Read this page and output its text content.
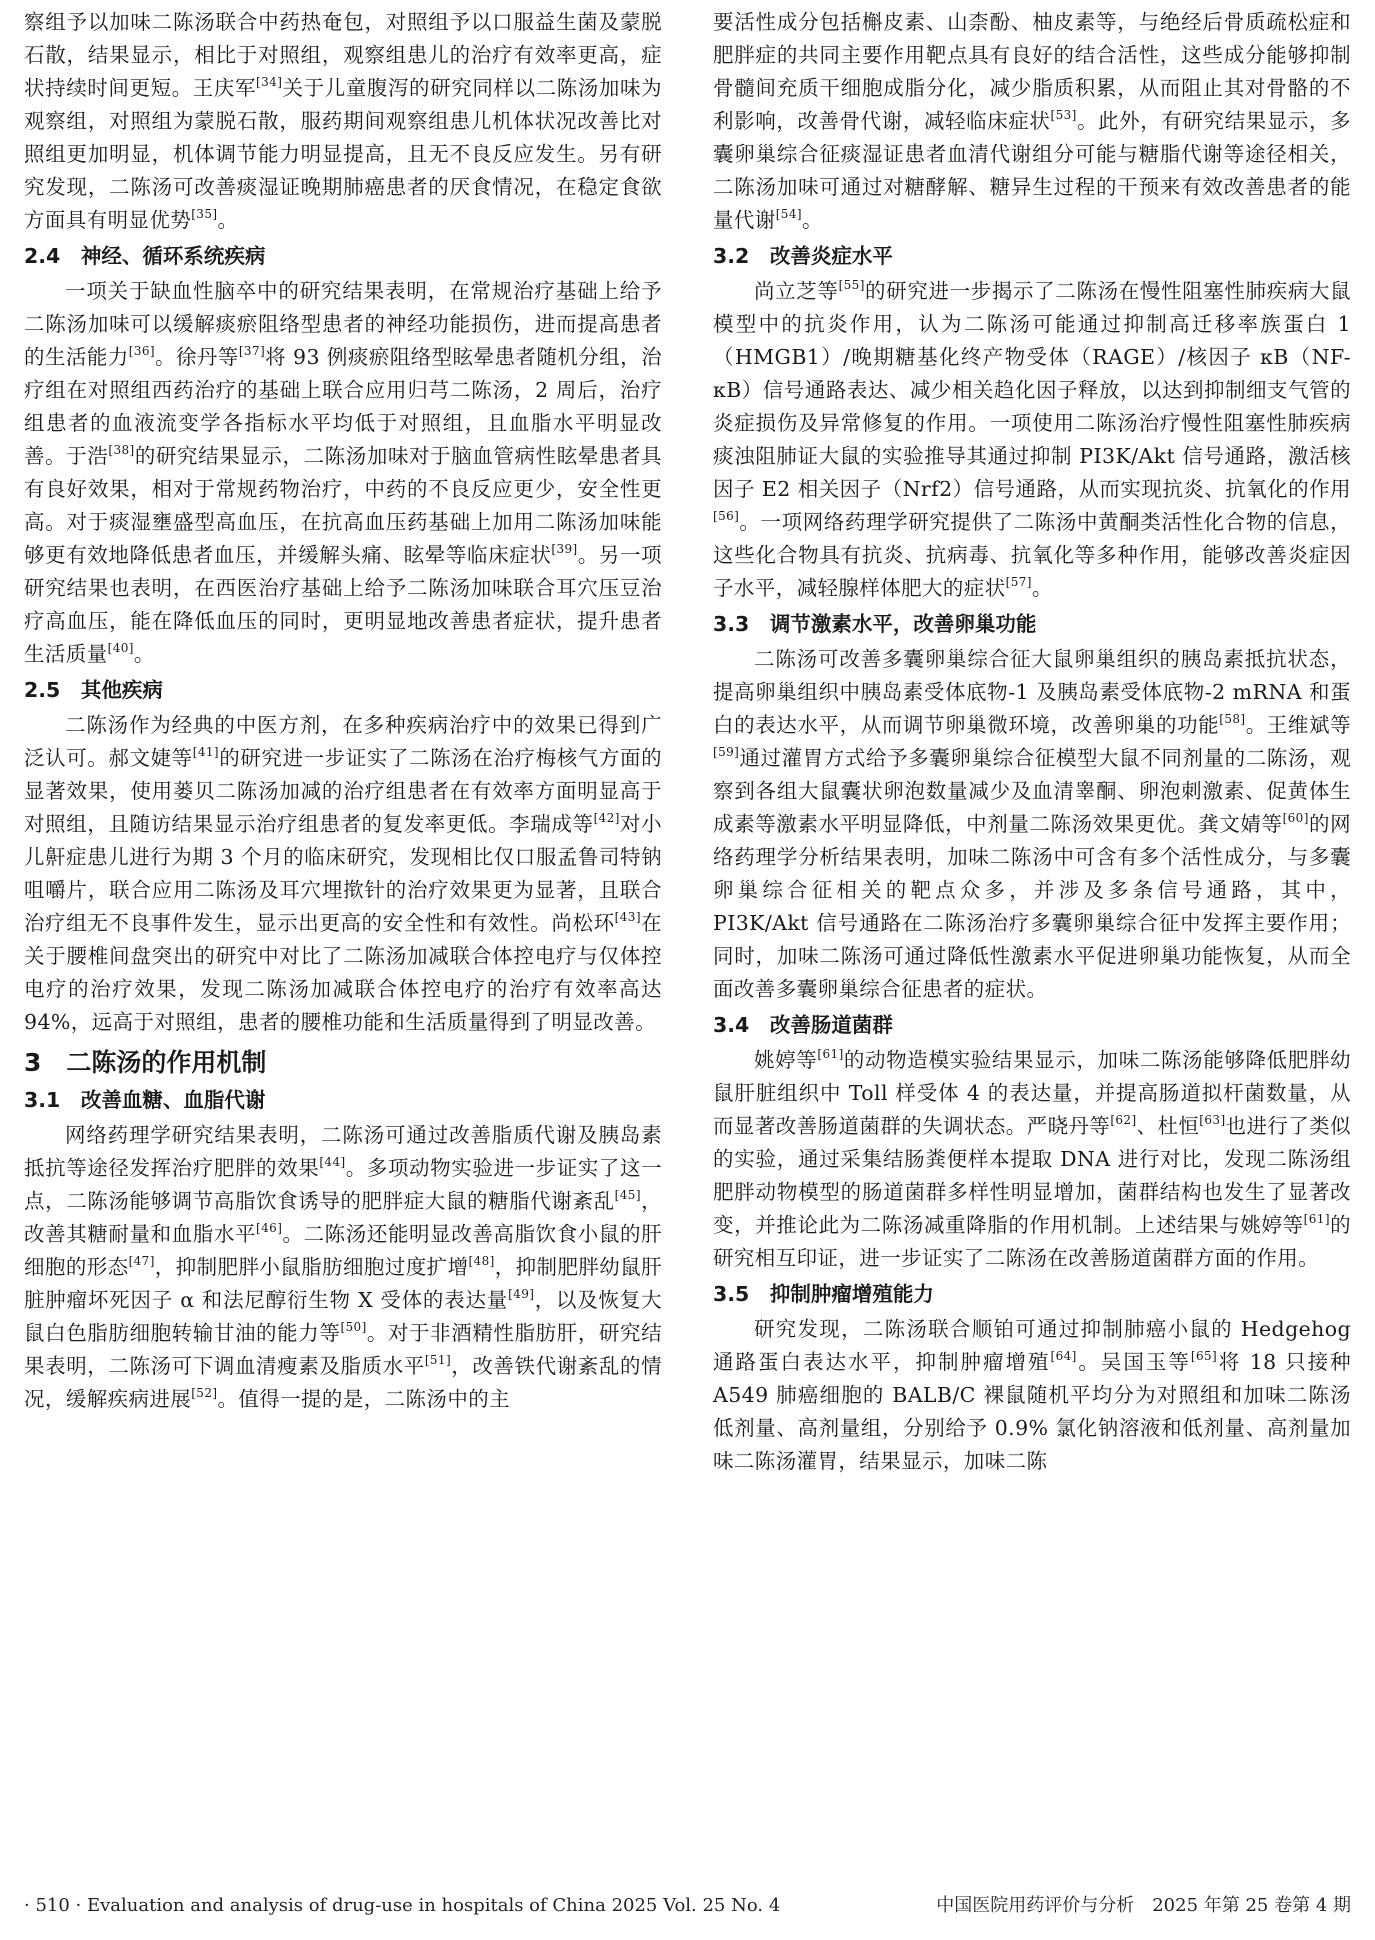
察组予以加味二陈汤联合中药热奄包，对照组予以口服益生菌及蒙脱石散，结果显示，相比于对照组，观察组患儿的治疗有效率更高，症状持续时间更短。王庆军[34]关于儿童腹泻的研究同样以二陈汤加味为观察组，对照组为蒙脱石散，服药期间观察组患儿机体状况改善比对照组更加明显，机体调节能力明显提高，且无不良反应发生。另有研究发现，二陈汤可改善痰湿证晚期肺癌患者的厌食情况，在稳定食欲方面具有明显优势[35]。

2.4　神经、循环系统疾病

一项关于缺血性脑卒中的研究结果表明，在常规治疗基础上给予二陈汤加味可以缓解痰瘀阻络型患者的神经功能损伤，进而提高患者的生活能力[36]。徐丹等[37]将 93 例痰瘀阻络型眩晕患者随机分组，治疗组在对照组西药治疗的基础上联合应用归芎二陈汤，2 周后，治疗组患者的血液流变学各指标水平均低于对照组，且血脂水平明显改善。于浩[38]的研究结果显示，二陈汤加味对于脑血管病性眩晕患者具有良好效果，相对于常规药物治疗，中药的不良反应更少，安全性更高。对于痰湿壅盛型高血压，在抗高血压药基础上加用二陈汤加味能够更有效地降低患者血压，并缓解头痛、眩晕等临床症状[39]。另一项研究结果也表明，在西医治疗基础上给予二陈汤加味联合耳穴压豆治疗高血压，能在降低血压的同时，更明显地改善患者症状，提升患者生活质量[40]。

2.5　其他疾病

二陈汤作为经典的中医方剂，在多种疾病治疗中的效果已得到广泛认可。郝文婕等[41]的研究进一步证实了二陈汤在治疗梅核气方面的显著效果，使用蒌贝二陈汤加减的治疗组患者在有效率方面明显高于对照组，且随访结果显示治疗组患者的复发率更低。李瑞成等[42]对小儿鼾症患儿进行为期 3 个月的临床研究，发现相比仅口服孟鲁司特钠咀嚼片，联合应用二陈汤及耳穴埋揿针的治疗效果更为显著，且联合治疗组无不良事件发生，显示出更高的安全性和有效性。尚松环[43]在关于腰椎间盘突出的研究中对比了二陈汤加减联合体控电疗与仅体控电疗的治疗效果，发现二陈汤加减联合体控电疗的治疗有效率高达 94%，远高于对照组，患者的腰椎功能和生活质量得到了明显改善。

3　二陈汤的作用机制
3.1　改善血糖、血脂代谢

网络药理学研究结果表明，二陈汤可通过改善脂质代谢及胰岛素抵抗等途径发挥治疗肥胖的效果[44]。多项动物实验进一步证实了这一点，二陈汤能够调节高脂饮食诱导的肥胖症大鼠的糖脂代谢紊乱[45]，改善其糖耐量和血脂水平[46]。二陈汤还能明显改善高脂饮食小鼠的肝细胞的形态[47]，抑制肥胖小鼠脂肪细胞过度扩增[48]，抑制肥胖幼鼠肝脏肿瘤坏死因子 α 和法尼醇衍生物 X 受体的表达量[49]，以及恢复大鼠白色脂肪细胞转输甘油的能力等[50]。对于非酒精性脂肪肝，研究结果表明，二陈汤可下调血清瘦素及脂质水平[51]，改善铁代谢紊乱的情况，缓解疾病进展[52]。值得一提的是，二陈汤中的主

要活性成分包括槲皮素、山柰酚、柚皮素等，与绝经后骨质疏松症和肥胖症的共同主要作用靶点具有良好的结合活性，这些成分能够抑制骨髓间充质干细胞成脂分化，减少脂质积累，从而阻止其对骨骼的不利影响，改善骨代谢，减轻临床症状[53]。此外，有研究结果显示，多囊卵巢综合征痰湿证患者血清代谢组分可能与糖脂代谢等途径相关，二陈汤加味可通过对糖酵解、糖异生过程的干预来有效改善患者的能量代谢[54]。

3.2　改善炎症水平

尚立芝等[55]的研究进一步揭示了二陈汤在慢性阻塞性肺疾病大鼠模型中的抗炎作用，认为二陈汤可能通过抑制高迁移率族蛋白 1（HMGB1）/晚期糖基化终产物受体（RAGE）/核因子 κB（NF-κB）信号通路表达、减少相关趋化因子释放，以达到抑制细支气管的炎症损伤及异常修复的作用。一项使用二陈汤治疗慢性阻塞性肺疾病痰浊阻肺证大鼠的实验推导其通过抑制 PI3K/Akt 信号通路，激活核因子 E2 相关因子（Nrf2）信号通路，从而实现抗炎、抗氧化的作用[56]。一项网络药理学研究提供了二陈汤中黄酮类活性化合物的信息，这些化合物具有抗炎、抗病毒、抗氧化等多种作用，能够改善炎症因子水平，减轻腺样体肥大的症状[57]。

3.3　调节激素水平，改善卵巢功能

二陈汤可改善多囊卵巢综合征大鼠卵巢组织的胰岛素抵抗状态，提高卵巢组织中胰岛素受体底物-1 及胰岛素受体底物-2 mRNA 和蛋白的表达水平，从而调节卵巢微环境，改善卵巢的功能[58]。王维斌等[59]通过灌胃方式给予多囊卵巢综合征模型大鼠不同剂量的二陈汤，观察到各组大鼠囊状卵泡数量减少及血清睾酮、卵泡刺激素、促黄体生成素等激素水平明显降低，中剂量二陈汤效果更优。龚文婧等[60]的网络药理学分析结果表明，加味二陈汤中可含有多个活性成分，与多囊卵巢综合征相关的靶点众多，并涉及多条信号通路，其中，PI3K/Akt 信号通路在二陈汤治疗多囊卵巢综合征中发挥主要作用；同时，加味二陈汤可通过降低性激素水平促进卵巢功能恢复，从而全面改善多囊卵巢综合征患者的症状。

3.4　改善肠道菌群

姚婷等[61]的动物造模实验结果显示，加味二陈汤能够降低肥胖幼鼠肝脏组织中 Toll 样受体 4 的表达量，并提高肠道拟杆菌数量，从而显著改善肠道菌群的失调状态。严晓丹等[62]、杜恒[63]也进行了类似的实验，通过采集结肠粪便样本提取 DNA 进行对比，发现二陈汤组肥胖动物模型的肠道菌群多样性明显增加，菌群结构也发生了显著改变，并推论此为二陈汤减重降脂的作用机制。上述结果与姚婷等[61]的研究相互印证，进一步证实了二陈汤在改善肠道菌群方面的作用。

3.5　抑制肿瘤增殖能力

研究发现，二陈汤联合顺铂可通过抑制肺癌小鼠的 Hedgehog 通路蛋白表达水平，抑制肿瘤增殖[64]。吴国玉等[65]将 18 只接种 A549 肺癌细胞的 BALB/C 裸鼠随机平均分为对照组和加味二陈汤低剂量、高剂量组，分别给予 0.9% 氯化钠溶液和低剂量、高剂量加味二陈汤灌胃，结果显示，加味二陈

· 510 · Evaluation and analysis of drug-use in hospitals of China 2025 Vol. 25 No. 4	中国医院用药评价与分析　2025 年第 25 卷第 4 期
